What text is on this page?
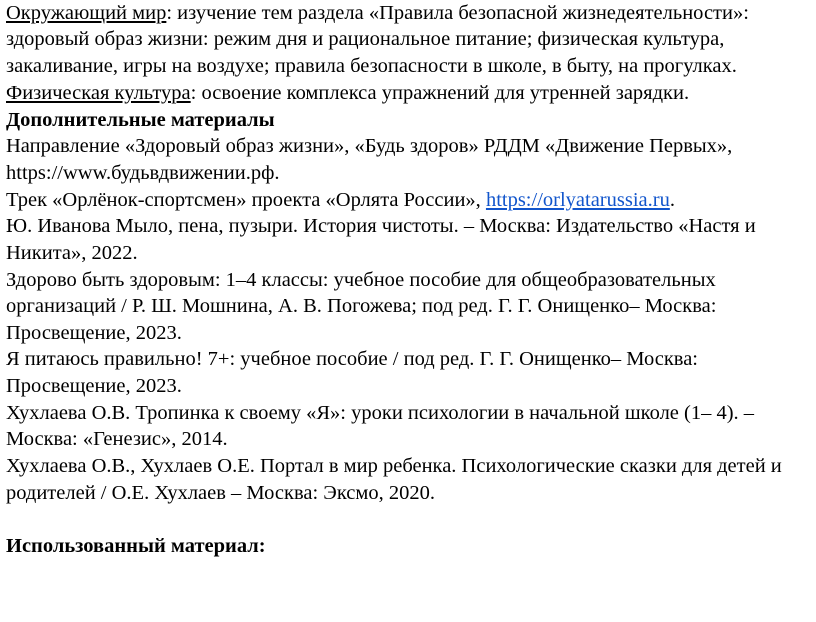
Окружающий мир: изучение тем раздела «Правила безопасной жизнедеятельности»:
здоровый образ жизни: режим дня и рациональное питание; физическая культура,
закаливание, игры на воздухе; правила безопасности в школе, в быту, на прогулках.
Физическая культура: освоение комплекса упражнений для утренней зарядки.
Дополнительные материалы
Направление «Здоровый образ жизни», «Будь здоров» РДДМ «Движение Первых»,
https://www.будьвдвижении.рф.
Трек «Орлёнок-спортсмен» проекта «Орлята России», https://orlyatarussia.ru.
Ю. Иванова Мыло, пена, пузыри. История чистоты. – Москва: Издательство «Настя и
Никита», 2022.
Здорово быть здоровым: 1–4 классы: учебное пособие для общеобразовательных
организаций / Р. Ш. Мошнина, А. В. Погожева; под ред. Г. Г. Онищенко– Москва:
Просвещение, 2023.
Я питаюсь правильно! 7+: учебное пособие / под ред. Г. Г. Онищенко– Москва:
Просвещение, 2023.
Хухлаева О.В. Тропинка к своему «Я»: уроки психологии в начальной школе (1– 4). –
Москва: «Генезис», 2014.
Хухлаева О.В., Хухлаев О.Е. Портал в мир ребенка. Психологические сказки для детей и
родителей / О.Е. Хухлаев – Москва: Эксмо, 2020.
Использованный материал:
